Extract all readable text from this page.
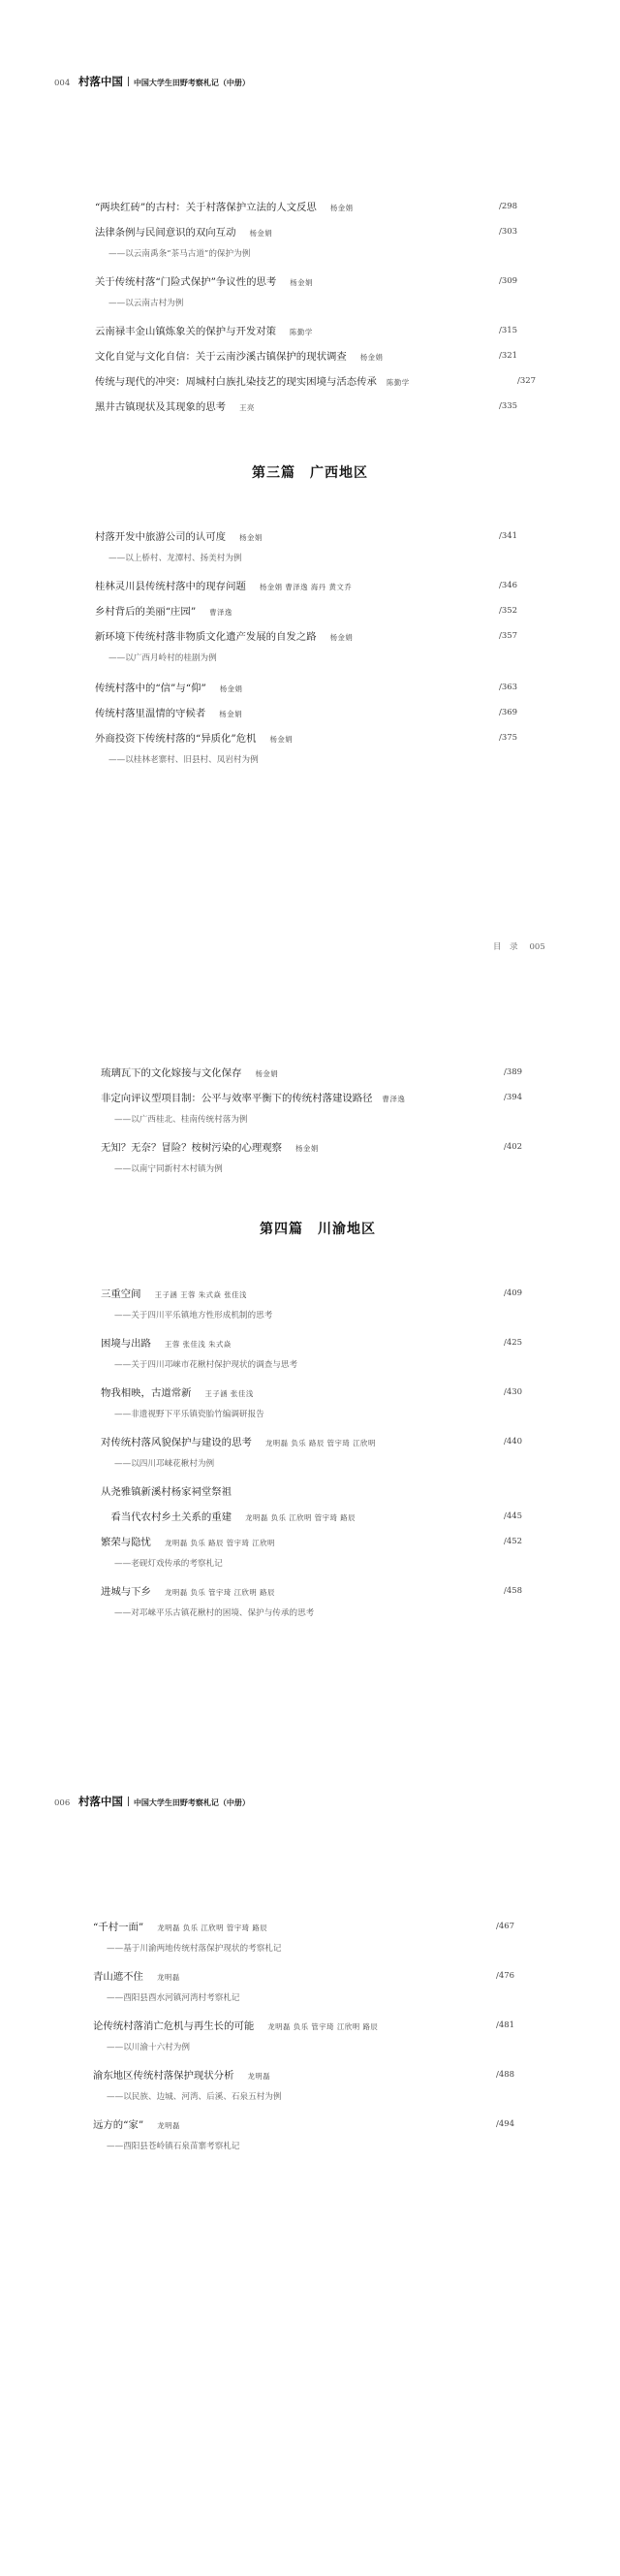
004 村落中国 中国大学生田野考察札记（中册）
“两块红砖”的古村：关于村落保护立法的人文反思 杨金娟	/298
法律条例与民间意识的双向互动 杨金娟	/303
——以云南禹条“茶马古道”的保护为例
关于传统村落“门险式保护”争议性的思考 杨金娟	/309
——以云南古村为例
云南禄丰金山镇炼象关的保护与开发对策 陈勤学	/315
文化自觉与文化自信：关于云南沙溪古镇保护的现状调查 杨金娟	/321
传统与现代的冲突：周城村白族扎染技艺的现实困境与活态传承 陈勤学	/327
黑井古镇现状及其现象的思考 王亮	/335
第三篇　广西地区
村落开发中旅游公司的认可度 杨金娟	/341
——以上桥村、龙潭村、扬美村为例
桂林灵川县传统村落中的现存问题 杨金娟 曹泽逸 海丹 黄文乔	/346
乡村背后的美丽“庄园” 曹泽逸	/352
新环境下传统村落非物质文化遗产发展的自发之路 杨金娟	/357
——以广西月岭村的桂剧为例
传统村落中的“信”与“仰” 杨金娟	/363
传统村落里温情的守候者 杨金娟	/369
外商投资下传统村落的“异质化”危机 杨金娟	/375
——以桂林老寨村、旧县村、凤岩村为例
目　录 005
琉璃瓦下的文化嫁接与文化保存 杨金娟	/389
非定向评议型项目制：公平与效率平衡下的传统村落建设路径 曹泽逸	/394
——以广西桂北、桂南传统村落为例
无知？无奈？冒险？桉树污染的心理观察 杨金娟	/402
——以南宁同新村木村镇为例
第四篇　川渝地区
三重空间 王子涵 王蓉 朱式焱 张佳浅	/409
——关于四川平乐镇地方性形成机制的思考
困境与出路 王蓉 张佳浅 朱式焱	/425
——关于四川邛崃市花楸村保护现状的调查与思考
物我相映，古道常新 王子涵 张佳浅	/430
——非遗视野下平乐镇瓷胎竹编调研报告
对传统村落风貌保护与建设的思考 龙明磊 负乐 路辰 管宇琦 江欣明	/440
——以四川邛崃花楸村为例
从尧雅镇新溪村杨家祠堂祭祖
　看当代农村乡土关系的重建 龙明磊 负乐 江欣明 管宇琦 路辰	/445
繁荣与隐忧 龙明磊 负乐 路辰 管宇琦 江欣明	/452
——老砚灯戏传承的考察札记
进城与下乡 龙明磊 负乐 管宇琦 江欣明 路辰	/458
——对邛崃平乐古镇花楸村的困境、保护与传承的思考
006 村落中国 中国大学生田野考察札记（中册）
“千村一面” 龙明磊 负乐 江欣明 管宇琦 路辰	/467
——基于川渝两地传统村落保护现状的考察札记
青山遮不住 龙明磊	/476
——酉阳县酉水河镇河湾村考察札记
论传统村落消亡危机与再生长的可能 龙明磊 负乐 管宇琦 江欣明 路辰	/481
——以川渝十六村为例
渝东地区传统村落保护现状分析 龙明磊	/488
——以民族、边城、河湾、后溪、石泉五村为例
远方的“家” 龙明磊	/494
——酉阳县苍岭镇石泉苗寨考察札记
